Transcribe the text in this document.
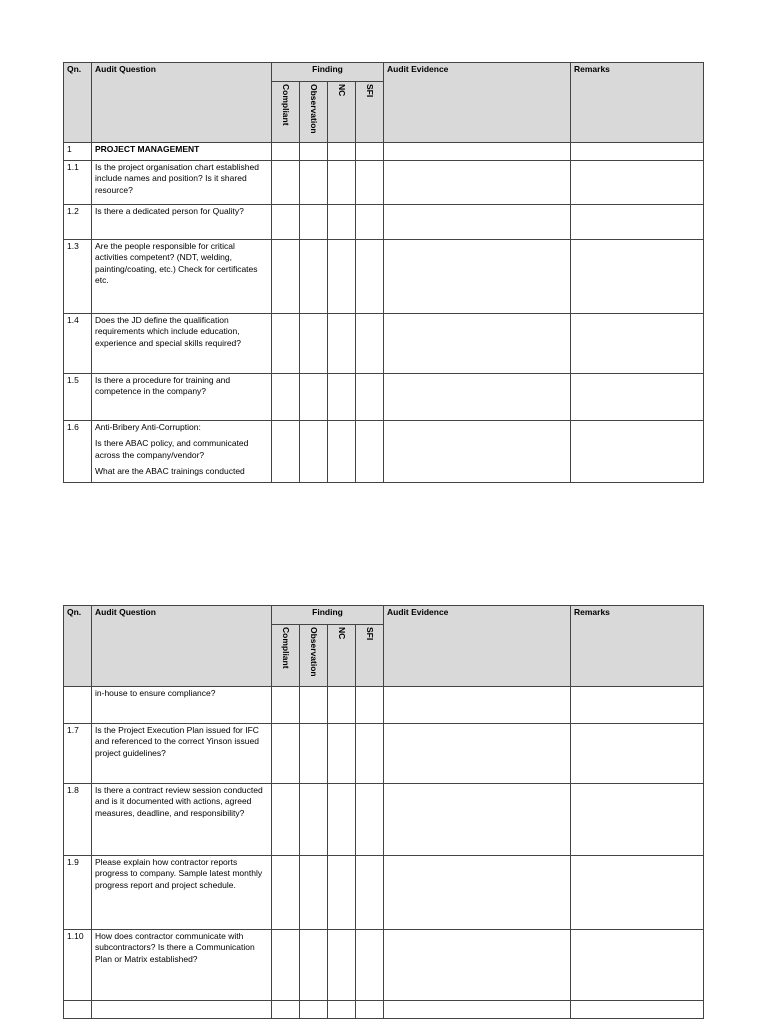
Qn.	Audit Question	Finding				Audit Evidence	Remarks

		Compliant	Observation	NC	SFI		

1	PROJECT MANAGEMENT						

1.1	Is the project organisation chart established include names and position? Is it shared resource?						

1.2	Is there a dedicated person for Quality?						

1.3	Are the people responsible for critical activities competent? (NDT, welding, painting/coating, etc.) Check for certificates etc.						

1.4	Does the JD define the qualification requirements which include education, experience and special skills required?						

1.5	Is there a procedure for training and competence in the company?						

1.6	Anti-Bribery Anti-Corruption:
Is there ABAC policy, and communicated across the company/vendor?
What are the ABAC trainings conducted						

Qn.	Audit Question	Finding				Audit Evidence	Remarks

		Compliant	Observation	NC	SFI		

	in-house to ensure compliance?						

1.7	Is the Project Execution Plan issued for IFC and referenced to the correct Yinson issued project guidelines?						

1.8	Is there a contract review session conducted and is it documented with actions, agreed measures, deadline, and responsibility?						

1.9	Please explain how contractor reports progress to company. Sample latest monthly progress report and project schedule.						

1.10	How does contractor communicate with subcontractors? Is there a Communication Plan or Matrix established?						
